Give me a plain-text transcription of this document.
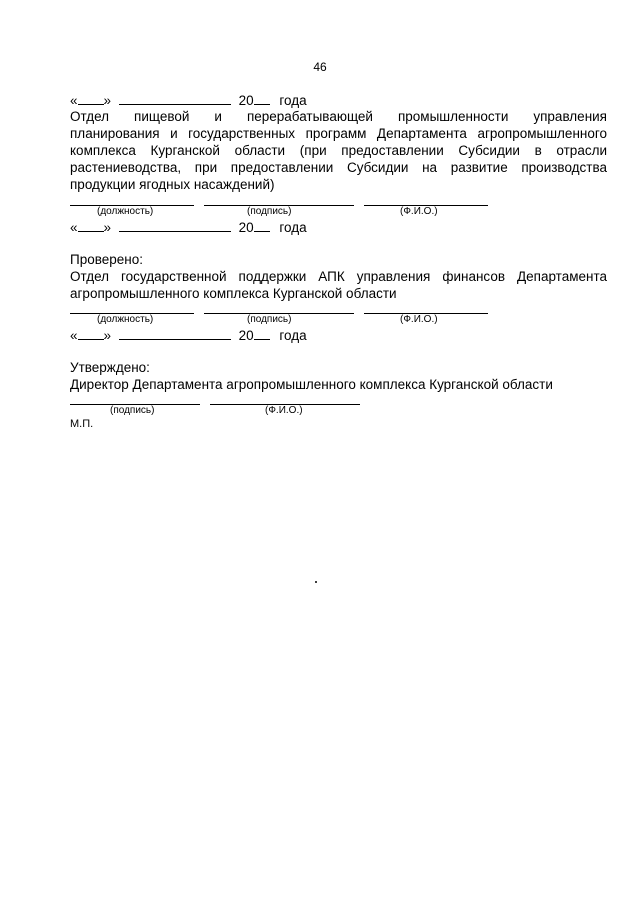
46
« »	20 года
Отдел пищевой и перерабатывающей промышленности управления
планирования и государственных программ Департамента агропромышленного
комплекса Курганской области (при предоставлении Субсидии в отрасли
растениеводства, при предоставлении Субсидии на развитие производства
продукции ягодных насаждений)
(должность)	(подпись)	(Ф.И.О.)
« »	20 года
Проверено:
Отдел государственной поддержки АПК управления финансов Департамента
агропромышленного комплекса Курганской области
(должность)	(подпись)	(Ф.И.О.)
« »	20 года
Утверждено:
Директор Департамента агропромышленного комплекса Курганской области
(подпись)	(Ф.И.О.)
М.П.
